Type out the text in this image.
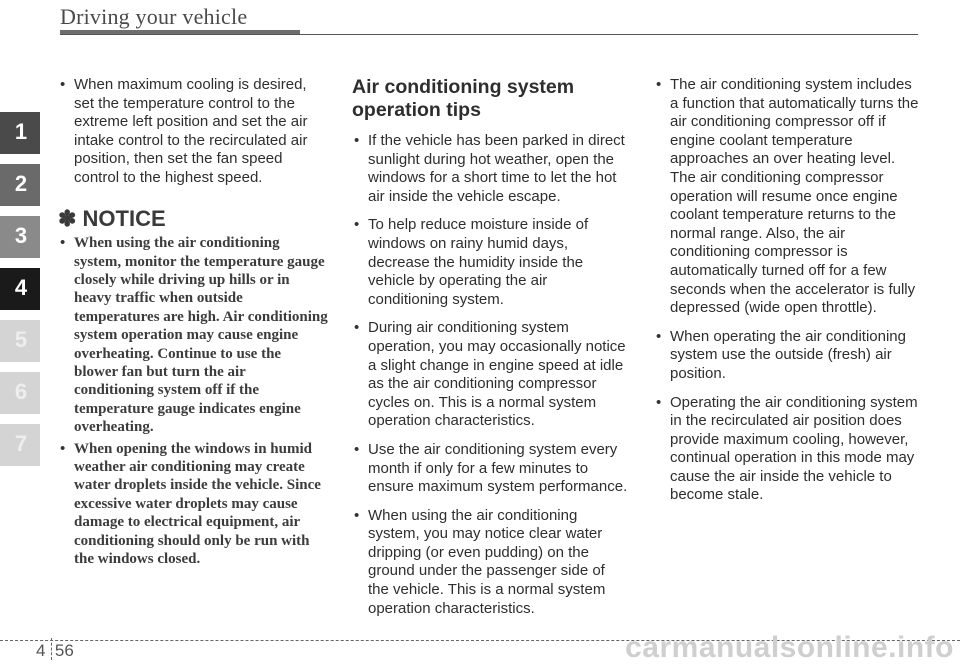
Driving your vehicle
1
2
3
4
5
6
7
• When maximum cooling is desired, set the temperature control to the extreme left position and set the air intake control to the recirculated air position, then set the fan speed control to the highest speed.
✽ NOTICE
• When using the air conditioning system, monitor the temperature gauge closely while driving up hills or in heavy traffic when outside temperatures are high. Air conditioning system operation may cause engine overheating. Continue to use the blower fan but turn the air conditioning system off if the temperature gauge indicates engine overheating.
• When opening the windows in humid weather air conditioning may create water droplets inside the vehicle. Since excessive water droplets may cause damage to electrical equipment, air conditioning should only be run with the windows closed.
Air conditioning system operation tips
• If the vehicle has been parked in direct sunlight during hot weather, open the windows for a short time to let the hot air inside the vehicle escape.
• To help reduce moisture inside of windows on rainy humid days, decrease the humidity inside the vehicle by operating the air conditioning system.
• During air conditioning system operation, you may occasionally notice a slight change in engine speed at idle as the air conditioning compressor cycles on. This is a normal system operation characteristics.
• Use the air conditioning system every month if only for a few minutes to ensure maximum system performance.
• When using the air conditioning system, you may notice clear water dripping (or even pudding) on the ground under the passenger side of the vehicle. This is a normal system operation characteristics.
• The air conditioning system includes a function that automatically turns the air conditioning compressor off if engine coolant temperature approaches an over heating level. The air conditioning compressor operation will resume once engine coolant temperature returns to the normal range. Also, the air conditioning compressor is automatically turned off for a few seconds when the accelerator is fully depressed (wide open throttle).
• When operating the air conditioning system use the outside (fresh) air position.
• Operating the air conditioning system in the recirculated air position does provide maximum cooling, however, continual operation in this mode may cause the air inside the vehicle to become stale.
4 56	carmanualsonline.info
